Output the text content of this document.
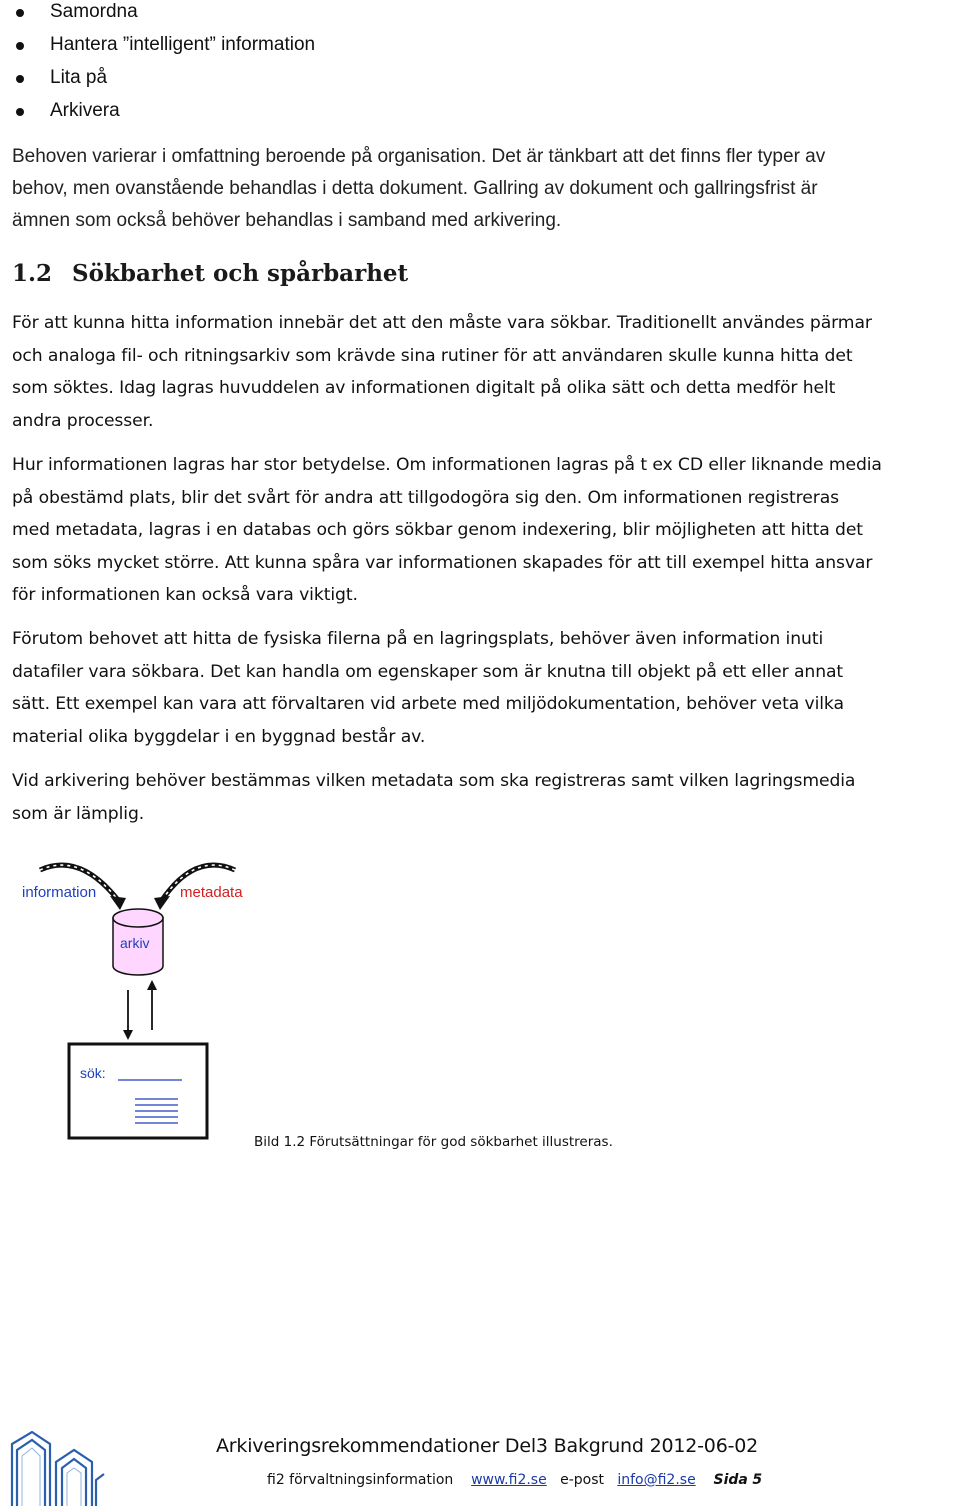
Samordna
Hantera ”intelligent” information
Lita på
Arkivera
Behoven varierar i omfattning beroende på organisation. Det är tänkbart att det finns fler typer av
behov, men ovanstående behandlas i detta dokument. Gallring av dokument och gallringsfrist är
ämnen som också behöver behandlas i samband med arkivering.
1.2 Sökbarhet och spårbarhet
För att kunna hitta information innebär det att den måste vara sökbar. Traditionellt användes pärmar
och analoga fil- och ritningsarkiv som krävde sina rutiner för att användaren skulle kunna hitta det
som söktes. Idag lagras huvuddelen av informationen digitalt på olika sätt och detta medför helt
andra processer.
Hur informationen lagras har stor betydelse. Om informationen lagras på t ex CD eller liknande media
på obestämd plats, blir det svårt för andra att tillgodogöra sig den. Om informationen registreras
med metadata, lagras i en databas och görs sökbar genom indexering, blir möjligheten att hitta det
som söks mycket större. Att kunna spåra var informationen skapades för att till exempel hitta ansvar
för informationen kan också vara viktigt.
Förutom behovet att hitta de fysiska filerna på en lagringsplats, behöver även information inuti
datafiler vara sökbara. Det kan handla om egenskaper som är knutna till objekt på ett eller annat
sätt. Ett exempel kan vara att förvaltaren vid arbete med miljödokumentation, behöver veta vilka
material olika byggdelar i en byggnad består av.
Vid arkivering behöver bestämmas vilken metadata som ska registreras samt vilken lagringsmedia
som är lämplig.
information	metadata
arkiv
sök:
Bild 1.2 Förutsättningar för god sökbarhet illustreras.
Arkiveringsrekommendationer Del3 Bakgrund 2012-06-02
fi2 förvaltningsinformation www.fi2.se e-post info@fi2.se Sida 5
